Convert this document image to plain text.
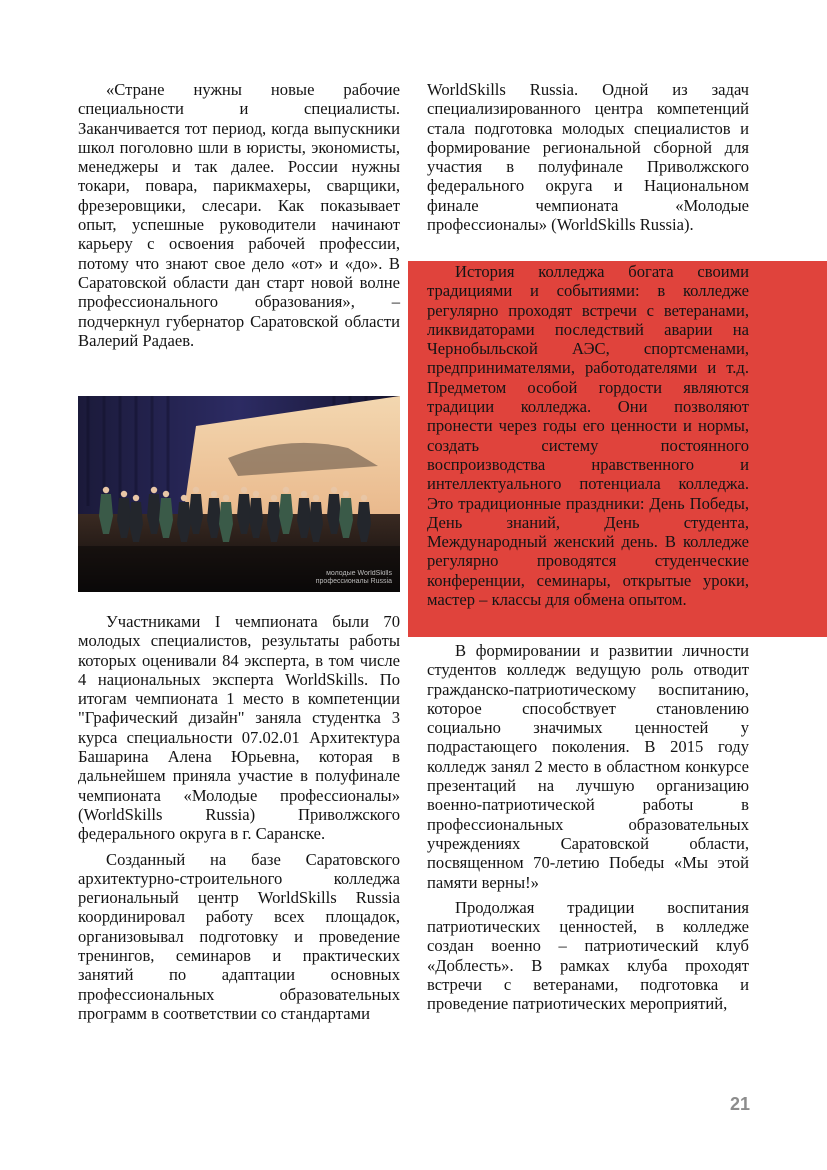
«Стране нужны новые рабочие специальности и специалисты. Заканчивается тот период, когда выпускники школ поголовно шли в юристы, экономисты, менеджеры и так далее. России нужны токари, повара, парикмахеры, сварщики, фрезеровщики, слесари. Как показывает опыт, успешные руководители начинают карьеру с освоения рабочей профессии, потому что знают свое дело «от» и «до». В Саратовской области дан старт новой волне профессионального образования», – подчеркнул губернатор Саратовской области Валерий Радаев.

молодые WorldSkills
профессионалы Russia

Участниками I чемпионата были 70 молодых специалистов, результаты работы которых оценивали 84 эксперта, в том числе 4 национальных эксперта WorldSkills. По итогам чемпионата 1 место в компетенции "Графический дизайн" заняла студентка 3 курса специальности 07.02.01 Архитектура Башарина Алена Юрьевна, которая в дальнейшем приняла участие в полуфинале чемпионата «Молодые профессионалы» (WorldSkills Russia) Приволжского федерального округа в г. Саранске.

Созданный на базе Саратовского архитектурно-строительного колледжа региональный центр WorldSkills Russia координировал работу всех площадок, организовывал подготовку и проведение тренингов, семинаров и практических занятий по адаптации основных профессиональных образовательных программ в соответствии со стандартами

WorldSkills Russia. Одной из задач специализированного центра компетенций стала подготовка молодых специалистов и формирование региональной сборной для участия в полуфинале Приволжского федерального округа и Национальном финале чемпионата «Молодые профессионалы» (WorldSkills Russia).

История колледжа богата своими традициями и событиями: в колледже регулярно проходят встречи с ветеранами, ликвидаторами последствий аварии на Чернобыльской АЭС, спортсменами, предпринимателями, работодателями и т.д. Предметом особой гордости являются традиции колледжа. Они позволяют пронести через годы его ценности и нормы, создать систему постоянного воспроизводства нравственного и интеллектуального потенциала колледжа. Это традиционные праздники: День Победы, День знаний, День студента, Международный женский день. В колледже регулярно проводятся студенческие конференции, семинары, открытые уроки, мастер – классы для обмена опытом.

В формировании и развитии личности студентов колледж ведущую роль отводит гражданско-патриотическому воспитанию, которое способствует становлению социально значимых ценностей у подрастающего поколения. В 2015 году колледж занял 2 место в областном конкурсе презентаций на лучшую организацию военно-патриотической работы в профессиональных образовательных учреждениях Саратовской области, посвященном 70-летию Победы «Мы этой памяти верны!»

Продолжая традиции воспитания патриотических ценностей, в колледже создан военно – патриотический клуб «Доблесть». В рамках клуба проходят встречи с ветеранами, подготовка и проведение патриотических мероприятий,

21
